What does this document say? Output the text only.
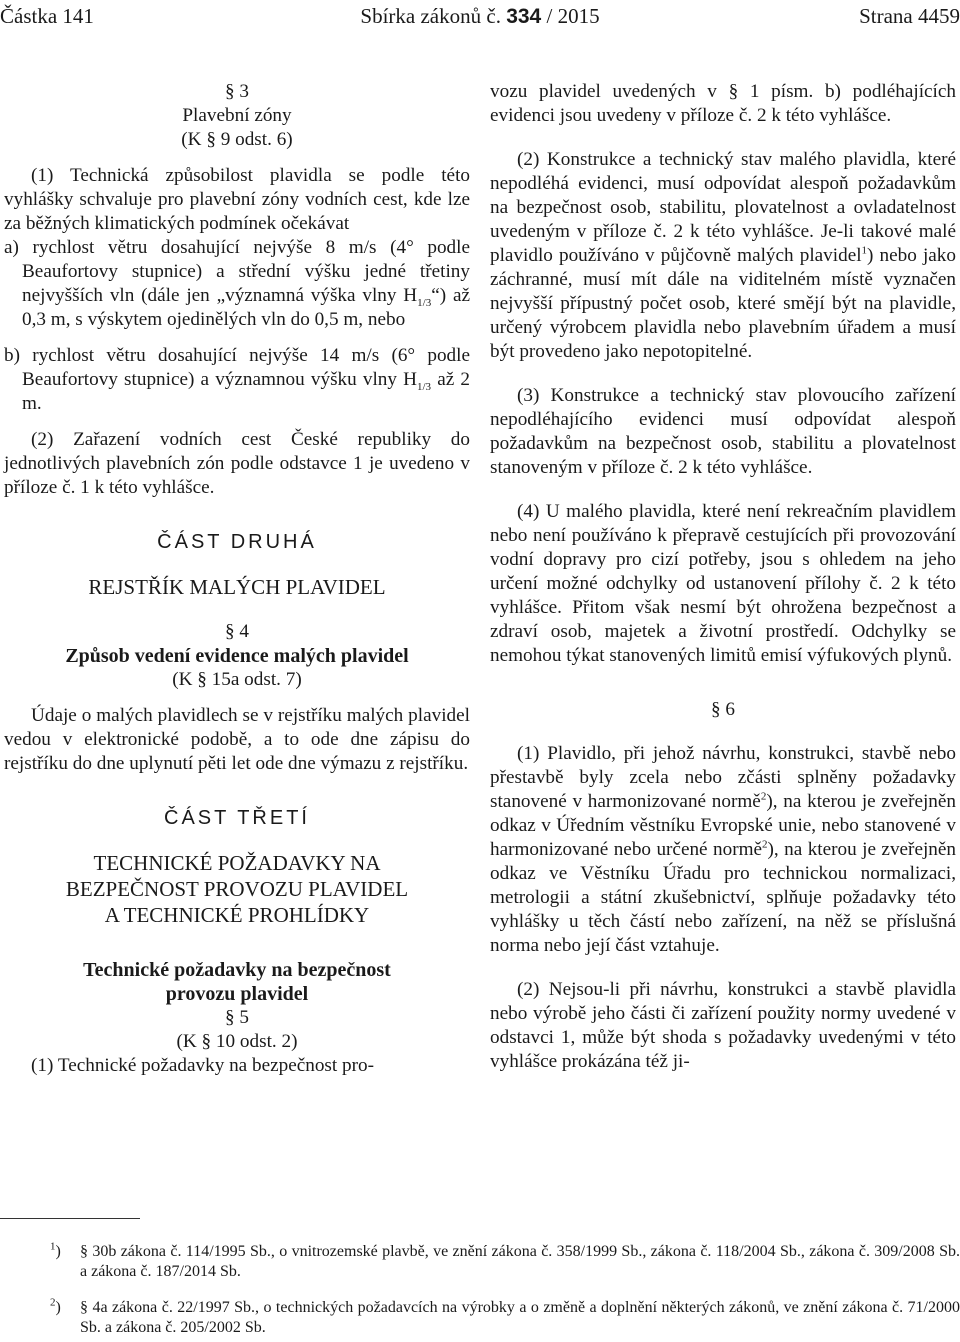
Částka 141	Sbírka zákonů č. 334 / 2015	Strana 4459

§ 3

Plavební zóny

(K § 9 odst. 6)

(1) Technická způsobilost plavidla se podle této vyhlášky schvaluje pro plavební zóny vodních cest, kde lze za běžných klimatických podmínek očekávat

a) rychlost větru dosahující nejvýše 8 m/s (4° podle Beaufortovy stupnice) a střední výšku jedné třetiny nejvyšších vln (dále jen „významná výška vlny $H_{1/3}“$) až 0,3 m, s výskytem ojedinělých vln do 0,5 m, nebo

b) rychlost větru dosahující nejvýše 14 m/s (6° podle Beaufortovy stupnice) a významnou výšku vlny $H_{1/3}$ až 2 m.

(2) Zařazení vodních cest České republiky do jednotlivých plavebních zón podle odstavce 1 je uvedeno v příloze č. 1 k této vyhlášce.

ČÁST DRUHÁ

REJSTŘÍK MALÝCH PLAVIDEL

§ 4

Způsob vedení evidence malých plavidel

(K § 15a odst. 7)

Údaje o malých plavidlech se v rejstříku malých plavidel vedou v elektronické podobě, a to ode dne zápisu do rejstříku do dne uplynutí pěti let ode dne výmazu z rejstříku.

ČÁST TŘETÍ

TECHNICKÉ POŽADAVKY NA

BEZPEČNOST PROVOZU PLAVIDEL

A TECHNICKÉ PROHLÍDKY

Technické požadavky na bezpečnost

provozu plavidel

§ 5

(K § 10 odst. 2)

(1) Technické požadavky na bezpečnost pro-

vozu plavidel uvedených v § 1 písm. b) podléhajících evidenci jsou uvedeny v příloze č. 2 k této vyhlášce.

(2) Konstrukce a technický stav malého plavidla, které nepodléhá evidenci, musí odpovídat alespoň požadavkům na bezpečnost osob, stabilitu, plovatelnost a ovladatelnost uvedeným v příloze č. 2 k této vyhlášce. Je-li takové malé plavidlo používáno v půjčovně malých plavidel$^1$) nebo jako záchranné, musí mít dále na viditelném místě vyznačen nejvyšší přípustný počet osob, které smějí být na plavidle, určený výrobcem plavidla nebo plavebním úřadem a musí být provedeno jako nepotopitelné.

(3) Konstrukce a technický stav plovoucího zařízení nepodléhajícího evidenci musí odpovídat alespoň požadavkům na bezpečnost osob, stabilitu a plovatelnost stanoveným v příloze č. 2 k této vyhlášce.

(4) U malého plavidla, které není rekreačním plavidlem nebo není používáno k přepravě cestujících při provozování vodní dopravy pro cizí potřeby, jsou s ohledem na jeho určení možné odchylky od ustanovení přílohy č. 2 k této vyhlášce. Přitom však nesmí být ohrožena bezpečnost a zdraví osob, majetek a životní prostředí. Odchylky se nemohou týkat stanovených limitů emisí výfukových plynů.

§ 6

(1) Plavidlo, při jehož návrhu, konstrukci, stavbě nebo přestavbě byly zcela nebo zčásti splněny požadavky stanovené v harmonizované normě$^2$), na kterou je zveřejněn odkaz v Úředním věstníku Evropské unie, nebo stanovené v harmonizované nebo určené normě$^2$), na kterou je zveřejněn odkaz ve Věstníku Úřadu pro technickou normalizaci, metrologii a státní zkušebnictví, splňuje požadavky této vyhlášky u těch částí nebo zařízení, na něž se příslušná norma nebo její část vztahuje.

(2) Nejsou-li při návrhu, konstrukci a stavbě plavidla nebo výrobě jeho části či zařízení použity normy uvedené v odstavci 1, může být shoda s požadavky uvedenými v této vyhlášce prokázána též ji-

$^1$) § 30b zákona č. 114/1995 Sb., o vnitrozemské plavbě, ve znění zákona č. 358/1999 Sb., zákona č. 118/2004 Sb., zákona č. 309/2008 Sb. a zákona č. 187/2014 Sb.
$^2$) § 4a zákona č. 22/1997 Sb., o technických požadavcích na výrobky a o změně a doplnění některých zákonů, ve znění zákona č. 71/2000 Sb. a zákona č. 205/2002 Sb.
